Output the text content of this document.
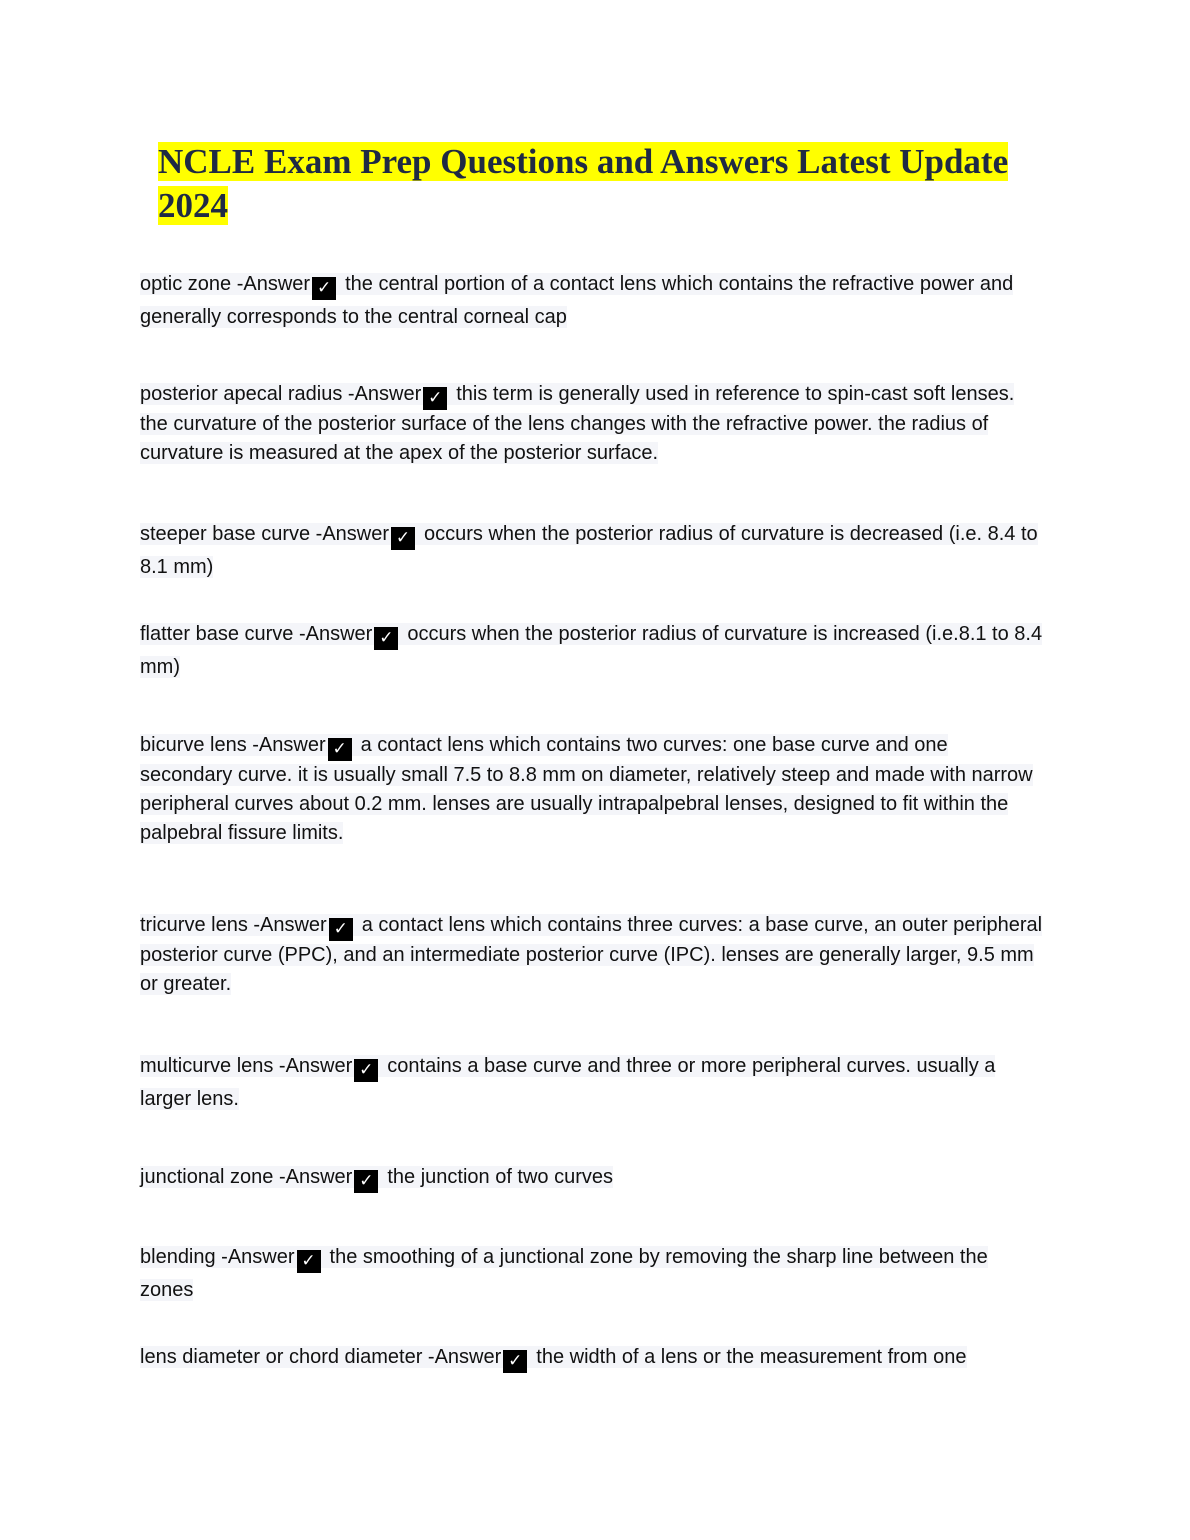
NCLE Exam Prep Questions and Answers Latest Update 2024

optic zone -Answer ✓ the central portion of a contact lens which contains the refractive power and generally corresponds to the central corneal cap

posterior apecal radius -Answer ✓ this term is generally used in reference to spin-cast soft lenses. the curvature of the posterior surface of the lens changes with the refractive power. the radius of curvature is measured at the apex of the posterior surface.

steeper base curve -Answer ✓ occurs when the posterior radius of curvature is decreased (i.e. 8.4 to 8.1 mm)

flatter base curve -Answer ✓ occurs when the posterior radius of curvature is increased (i.e.8.1 to 8.4 mm)

bicurve lens -Answer ✓ a contact lens which contains two curves: one base curve and one secondary curve. it is usually small 7.5 to 8.8 mm on diameter, relatively steep and made with narrow peripheral curves about 0.2 mm. lenses are usually intrapalpebral lenses, designed to fit within the palpebral fissure limits.

tricurve lens -Answer ✓ a contact lens which contains three curves: a base curve, an outer peripheral posterior curve (PPC), and an intermediate posterior curve (IPC). lenses are generally larger, 9.5 mm or greater.

multicurve lens -Answer ✓ contains a base curve and three or more peripheral curves. usually a larger lens.

junctional zone -Answer ✓ the junction of two curves

blending -Answer ✓ the smoothing of a junctional zone by removing the sharp line between the zones

lens diameter or chord diameter -Answer ✓ the width of a lens or the measurement from one
